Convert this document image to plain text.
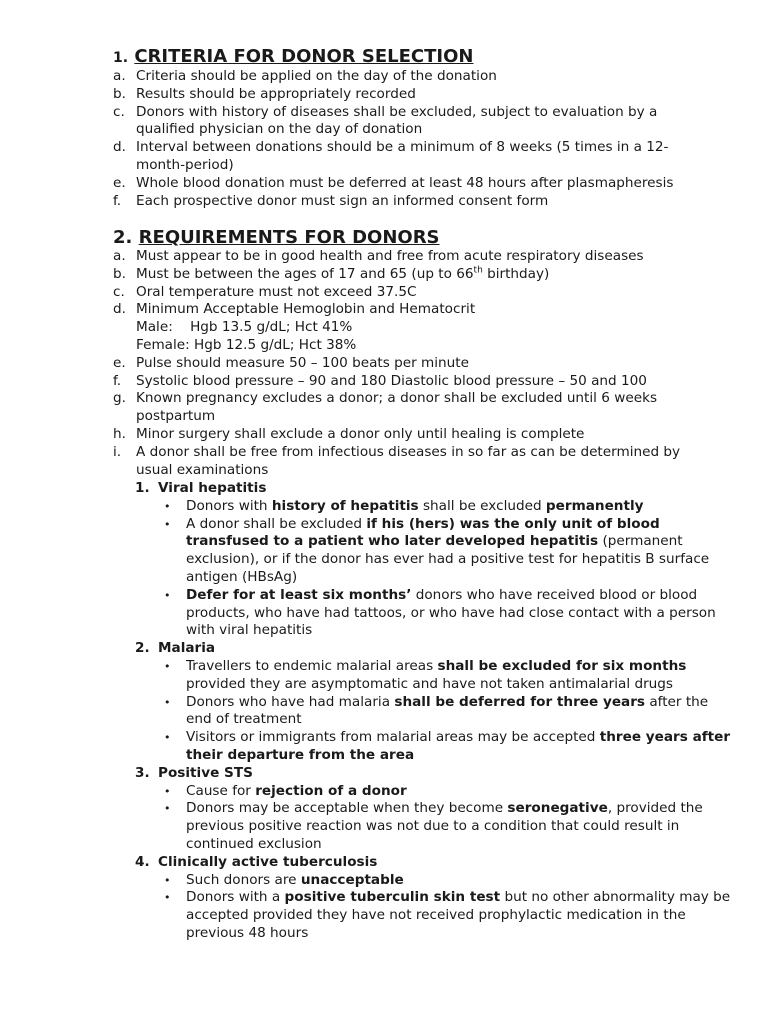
1. CRITERIA FOR DONOR SELECTION
a. Criteria should be applied on the day of the donation
b. Results should be appropriately recorded
c. Donors with history of diseases shall be excluded, subject to evaluation by a qualified physician on the day of donation
d. Interval between donations should be a minimum of 8 weeks (5 times in a 12-month-period)
e. Whole blood donation must be deferred at least 48 hours after plasmapheresis
f. Each prospective donor must sign an informed consent form
2. REQUIREMENTS FOR DONORS
a. Must appear to be in good health and free from acute respiratory diseases
b. Must be between the ages of 17 and 65 (up to 66th birthday)
c. Oral temperature must not exceed 37.5C
d. Minimum Acceptable Hemoglobin and Hematocrit
Male:    Hgb 13.5 g/dL; Hct 41%
Female: Hgb 12.5 g/dL; Hct 38%
e. Pulse should measure 50 – 100 beats per minute
f. Systolic blood pressure – 90 and 180 Diastolic blood pressure – 50 and 100
g. Known pregnancy excludes a donor; a donor shall be excluded until 6 weeks postpartum
h. Minor surgery shall exclude a donor only until healing is complete
i. A donor shall be free from infectious diseases in so far as can be determined by usual examinations
1. Viral hepatitis
• Donors with history of hepatitis shall be excluded permanently
• A donor shall be excluded if his (hers) was the only unit of blood transfused to a patient who later developed hepatitis (permanent exclusion), or if the donor has ever had a positive test for hepatitis B surface antigen (HBsAg)
• Defer for at least six months’ donors who have received blood or blood products, who have had tattoos, or who have had close contact with a person with viral hepatitis
2. Malaria
• Travellers to endemic malarial areas shall be excluded for six months provided they are asymptomatic and have not taken antimalarial drugs
• Donors who have had malaria shall be deferred for three years after the end of treatment
• Visitors or immigrants from malarial areas may be accepted three years after their departure from the area
3. Positive STS
• Cause for rejection of a donor
• Donors may be acceptable when they become seronegative, provided the previous positive reaction was not due to a condition that could result in continued exclusion
4. Clinically active tuberculosis
• Such donors are unacceptable
• Donors with a positive tuberculin skin test but no other abnormality may be accepted provided they have not received prophylactic medication in the previous 48 hours
